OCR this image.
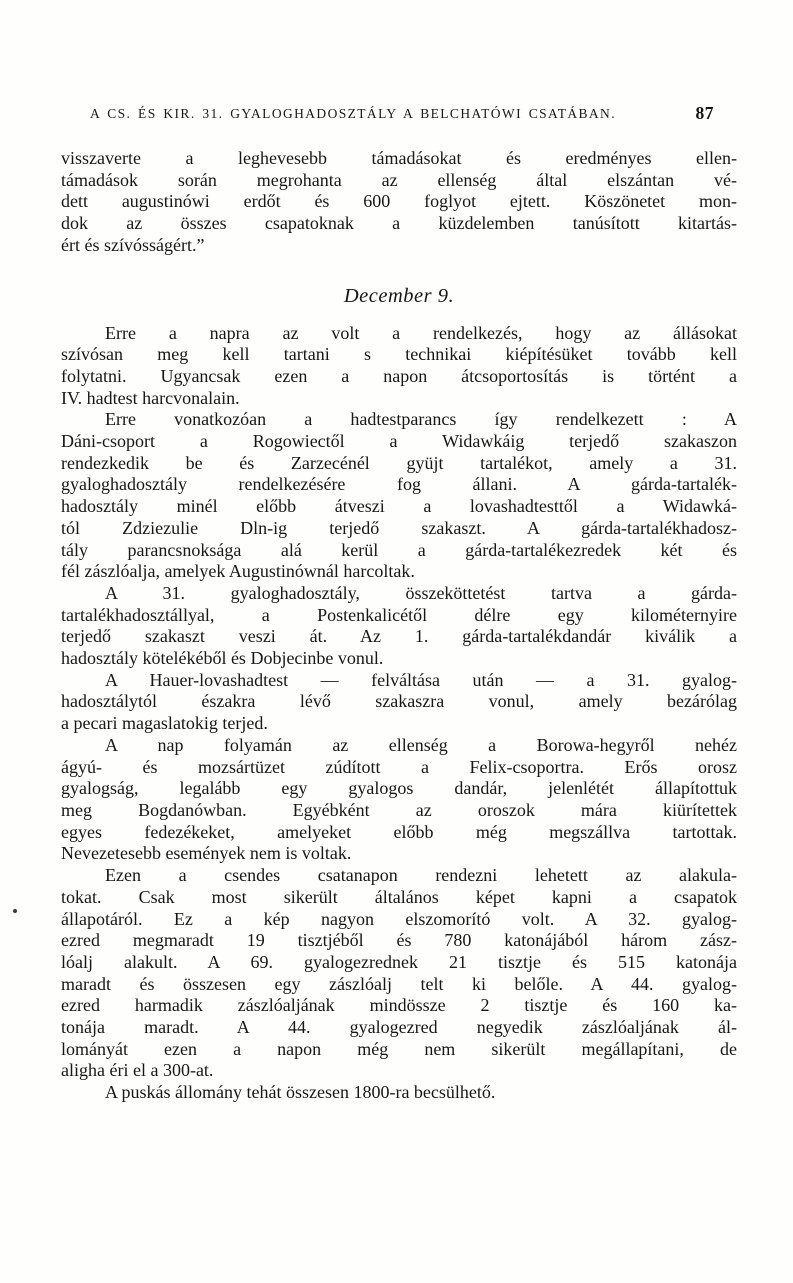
A CS. ÉS KIR. 31. GYALOGHADOSZTÁLY A BELCHATÓWI CSATÁBAN.	87
visszaverte a leghevesebb támadásokat és eredményes ellen-
támadások során megrohanta az ellenség által elszántan vé-
dett augustinówi erdőt és 600 foglyot ejtett. Köszönetet mon-
dok az összes csapatoknak a küzdelemben tanúsított kitartás-
ért és szívósságért.”
December 9.
Erre a napra az volt a rendelkezés, hogy az állásokat
szívósan meg kell tartani s technikai kiépítésüket tovább kell
folytatni. Ugyancsak ezen a napon átcsoportosítás is történt a
IV. hadtest harcvonalain.
Erre vonatkozóan a hadtestparancs így rendelkezett : A
Dáni-csoport a Rogowiectől a Widawkáig terjedő szakaszon
rendezkedik be és Zarzecénél gyüjt tartalékot, amely a 31.
gyaloghadosztály rendelkezésére fog állani. A gárda-tartalék-
hadosztály minél előbb átveszi a lovashadtesttől a Widawká-
tól Zdziezulie Dln-ig terjedő szakaszt. A gárda-tartalékhadosz-
tály parancsnoksága alá kerül a gárda-tartalékezredek két és
fél zászlóalja, amelyek Augustinównál harcoltak.
A 31. gyaloghadosztály, összeköttetést tartva a gárda-
tartalékhadosztállyal, a Postenkalicétől délre egy kilométernyire
terjedő szakaszt veszi át. Az 1. gárda-tartalékdandár kiválik a
hadosztály kötelékéből és Dobjecinbe vonul.
A Hauer-lovashadtest — felváltása után — a 31. gyalog-
hadosztálytól északra lévő szakaszra vonul, amely bezárólag
a pecari magaslatokig terjed.
A nap folyamán az ellenség a Borowa-hegyről nehéz
ágyú- és mozsártüzet zúdított a Felix-csoportra. Erős orosz
gyalogság, legalább egy gyalogos dandár, jelenlétét állapítottuk
meg Bogdanówban. Egyébként az oroszok mára kiürítettek
egyes fedezékeket, amelyeket előbb még megszállva tartottak.
Nevezetesebb események nem is voltak.
Ezen a csendes csatanapon rendezni lehetett az alakula-
tokat. Csak most sikerült általános képet kapni a csapatok
állapotáról. Ez a kép nagyon elszomorító volt. A 32. gyalog-
ezred megmaradt 19 tisztjéből és 780 katonájából három zász-
lóalj alakult. A 69. gyalogezrednek 21 tisztje és 515 katonája
maradt és összesen egy zászlóalj telt ki belőle. A 44. gyalog-
ezred harmadik zászlóaljának mindössze 2 tisztje és 160 ka-
tonája maradt. A 44. gyalogezred negyedik zászlóaljának ál-
lományát ezen a napon még nem sikerült megállapítani, de
aligha éri el a 300-at.
A puskás állomány tehát összesen 1800-ra becsülhető.
